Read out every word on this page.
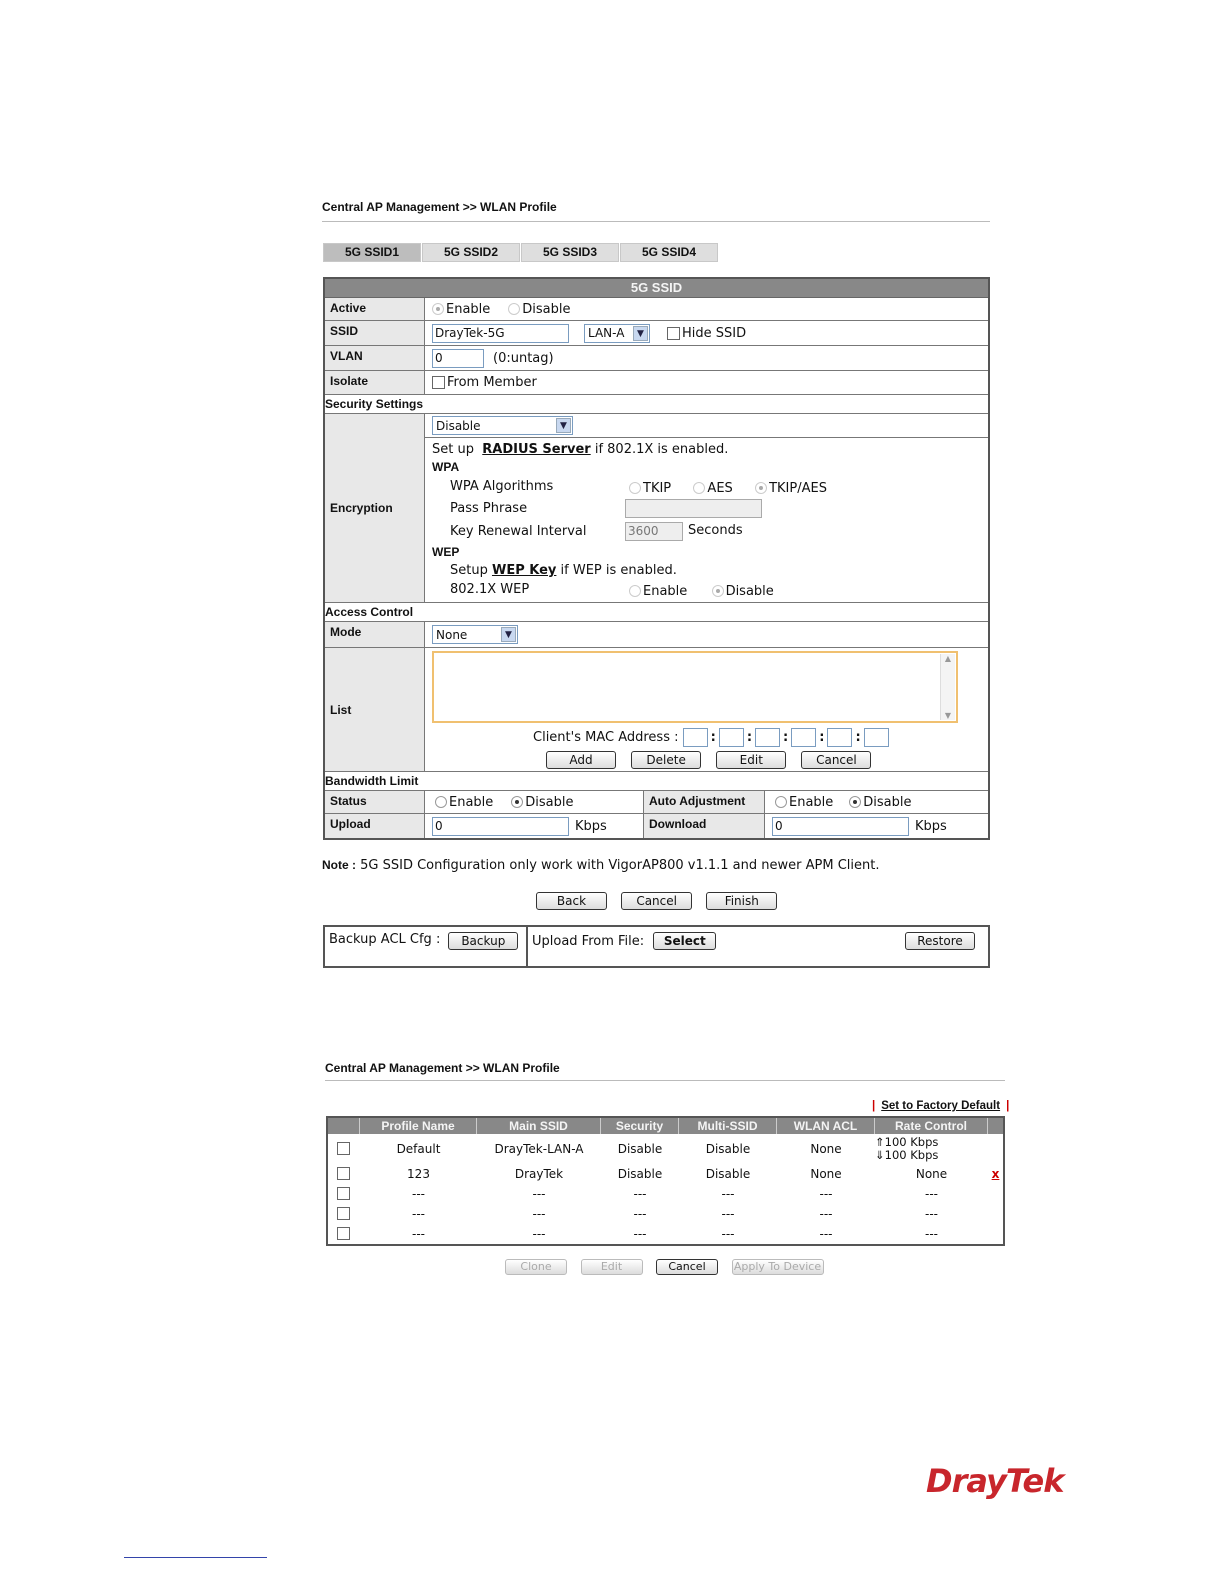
Central AP Management >> WLAN Profile
5G SSID1	5G SSID2	5G SSID3	5G SSID4
5G SSID
Active	Enable Disable
SSID	DrayTek-5G	LAN-A	▼	Hide SSID
VLAN	0	(0:untag)
Isolate	From Member
Security Settings
Encryption
Disable	▼
Set up RADIUS Server if 802.1X is enabled.
WPA
WPA Algorithms	TKIP	AES	TKIP/AES
Pass Phrase
Key Renewal Interval	3600	Seconds
WEP
Setup WEP Key if WEP is enabled.
802.1X WEP	Enable	Disable
Access Control
Mode	None	▼
List
▲
▼
Client's MAC Address :
: : : : :
Add	Delete	Edit	Cancel
Bandwidth Limit
Status	Enable Disable	Auto Adjustment	Enable Disable
Upload	0	Kbps	Download	0	Kbps
Note : 5G SSID Configuration only work with VigorAP800 v1.1.1 and newer APM Client.
Back	Cancel	Finish
Backup ACL Cfg :	Backup	Upload From File: Select	Restore
Central AP Management >> WLAN Profile
| Set to Factory Default |
Profile Name	Main SSID	Security	Multi-SSID	WLAN ACL	Rate Control
Default	DrayTek-LAN-A	Disable	Disable	None	⇑100 Kbps
⇓100 Kbps
123	DrayTek	Disable	Disable	None	None	x
---	---	---	---	---	---
---	---	---	---	---	---
---	---	---	---	---	---
Clone	Edit	Cancel	Apply To Device
DrayTek
